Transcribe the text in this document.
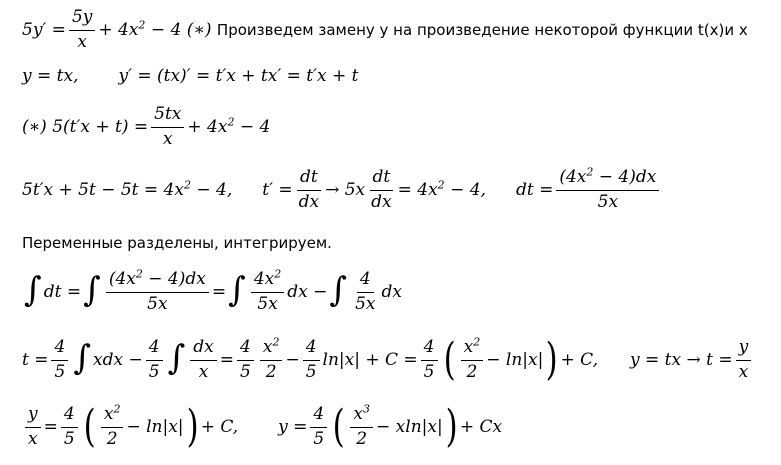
$5y' = \frac{5y}{x} + 4x^2 - 4$ (∗) Произведем замену y на произведение некоторой функции t(x)и x
y = tx, y′ = (tx)′ = t′x + tx′ = t′x + t
(∗) $5(t'x + t) = \frac{5tx}{x} + 4x^2 - 4$
$5t'x + 5t - 5t = 4x^2 - 4$, $t' = \frac{dt}{dx} \to 5x \frac{dt}{dx} = 4x^2 - 4$, dt = $\frac{(4x^2 - 4)dx}{5x}$
Переменные разделены, интегрируем.
∫ dt = ∫ $\frac{(4x^2 - 4)dx}{5x}$ = ∫ $\frac{4x^2}{5x}$ dx − ∫ $\frac{4}{5x}$ dx
$t = \frac{4}{5}$ ∫ xdx − $\frac{4}{5}$ ∫ $\frac{dx}{x} = \frac{4}{5} \frac{x^2}{2} - \frac{4}{5} \ln|x| + C = \frac{4}{5}$ ( $\frac{x^2}{2} - \ln|x|$ ) + C, y = tx → $t = \frac{y}{x}$
$\frac{y}{x} = \frac{4}{5}$ ( $\frac{x^2}{2} - \ln|x|$ ) + C, $y = \frac{4}{5}$ ( $\frac{x^3}{2} - xln|x|$ ) + Cx
